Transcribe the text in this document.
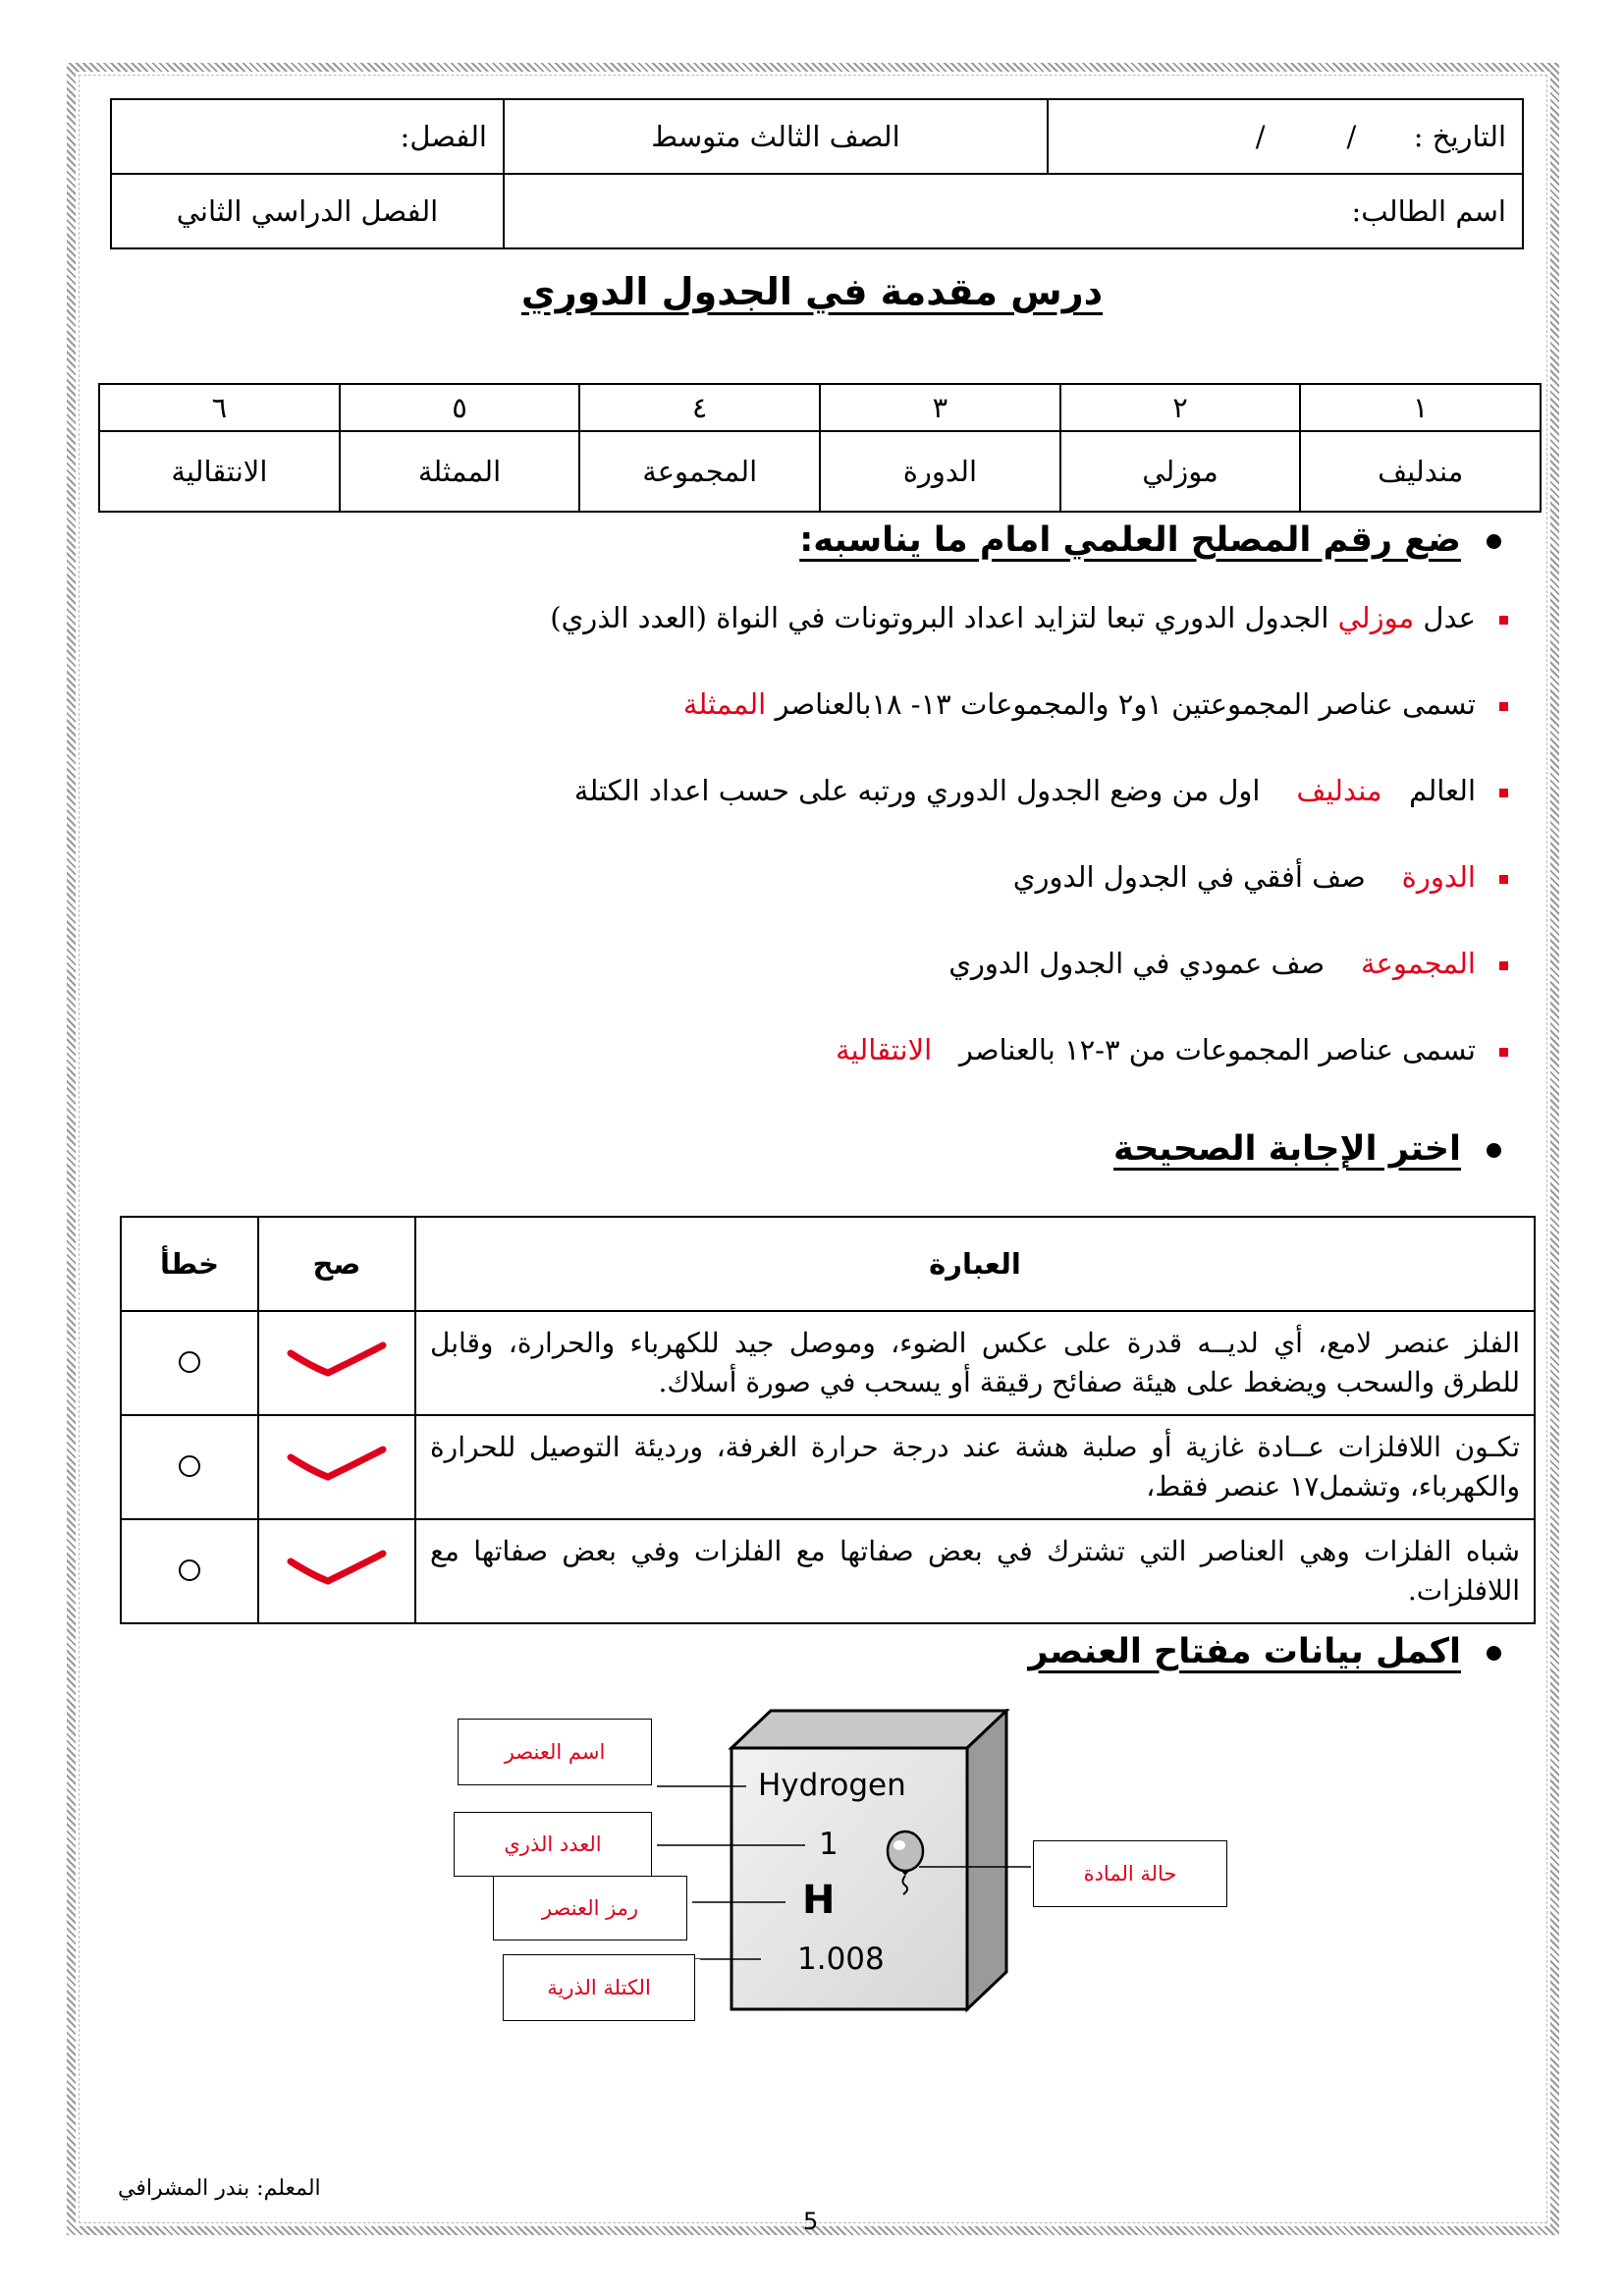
التاريخ :  /         /	الصف الثالث متوسط	الفصل:
اسم الطالب:		الفصل الدراسي الثاني
درس مقدمة في الجدول الدوري
١	٢	٣	٤	٥	٦
مندليف	موزلي	الدورة	المجموعة	الممثلة	الانتقالية
ضع رقم المصلح العلمي امام ما يناسبه:
عدل موزلي الجدول الدوري تبعا لتزايد اعداد البروتونات في النواة (العدد الذري)
تسمى عناصر المجموعتين ١و٢ والمجموعات ١٣- ١٨بالعناصر الممثلة
العالم   مندليف    اول من وضع الجدول الدوري ورتبه على حسب اعداد الكتلة
الدورة    صف أفقي في الجدول الدوري
المجموعة    صف عمودي في الجدول الدوري
تسمى عناصر المجموعات من ٣-١٢ بالعناصر   الانتقالية
اختر الإجابة الصحيحة
العبارة	صح	خطأ
الفلز عنصر لامع، أي لديــه قدرة على عكس الضوء، وموصل جيد للكهرباء والحرارة، وقابل للطرق والسحب ويضغط على هيئة صفائح رقيقة أو يسحب في صورة أسلاك.		
تكـون اللافلزات عــادة غازية أو صلبة هشة عند درجة حرارة الغرفة، ورديئة التوصيل للحرارة والكهرباء، وتشمل١٧ عنصر فقط،		
شباه الفلزات وهي العناصر التي تشترك في بعض صفاتها مع الفلزات وفي بعض صفاتها مع اللافلزات.		
اكمل بيانات مفتاح العنصر
Hydrogen
1
H
1.008
اسم العنصر
العدد الذري
رمز العنصر
الكتلة الذرية
حالة المادة
المعلم: بندر المشرافي
5
